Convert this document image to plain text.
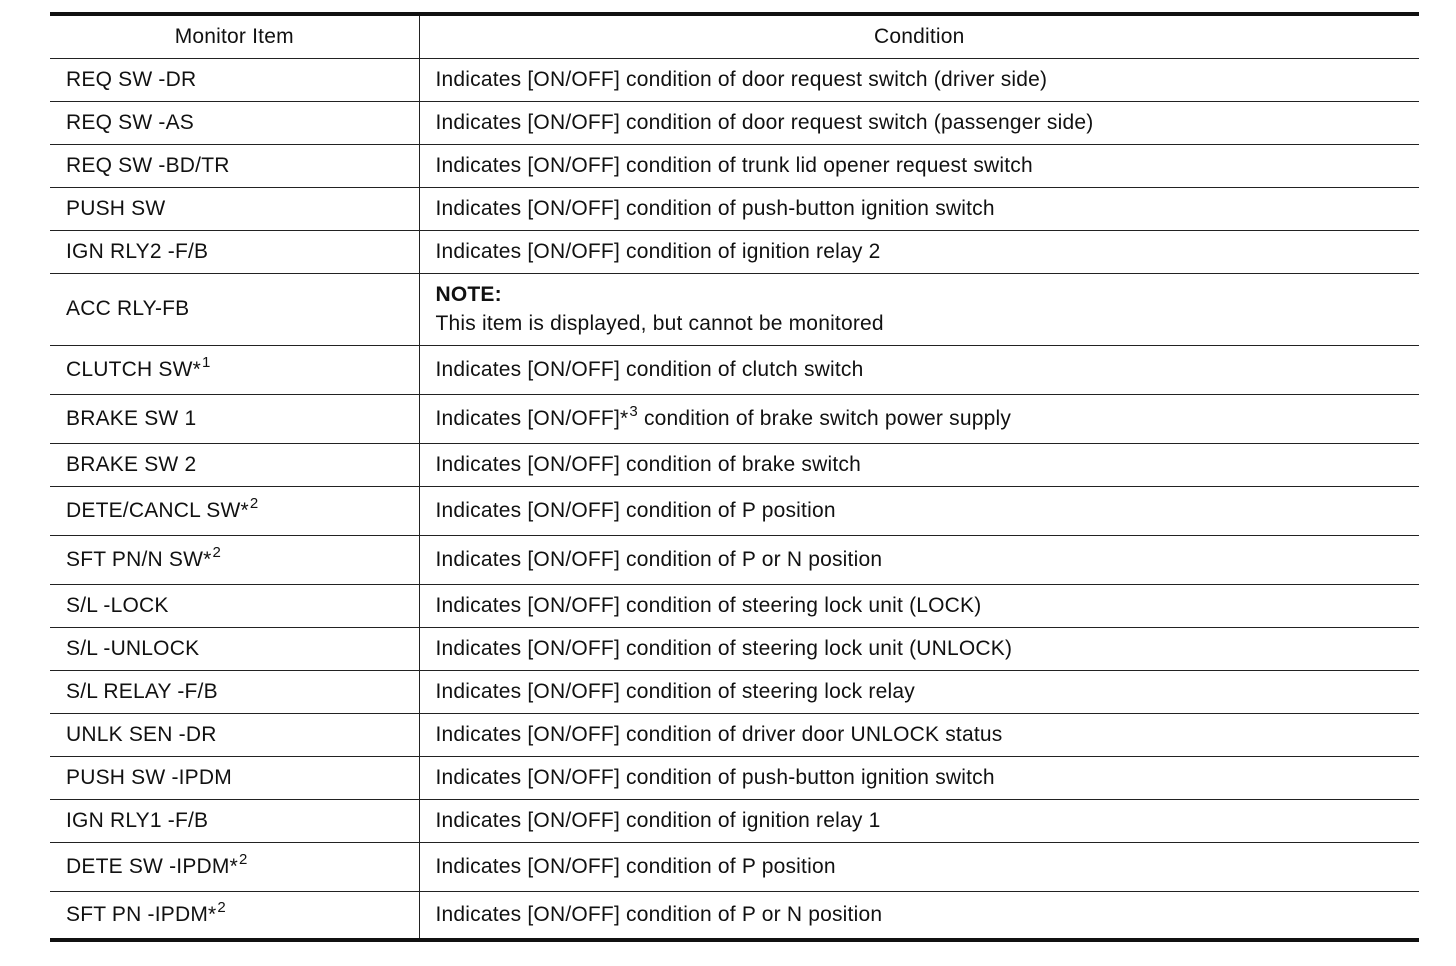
Monitor Item	Condition
REQ SW -DR	Indicates [ON/OFF] condition of door request switch (driver side)
REQ SW -AS	Indicates [ON/OFF] condition of door request switch (passenger side)
REQ SW -BD/TR	Indicates [ON/OFF] condition of trunk lid opener request switch
PUSH SW	Indicates [ON/OFF] condition of push-button ignition switch
IGN RLY2 -F/B	Indicates [ON/OFF] condition of ignition relay 2
ACC RLY-FB	NOTE:
This item is displayed, but cannot be monitored

CLUTCH SW*$^1$	Indicates [ON/OFF] condition of clutch switch
BRAKE SW 1	Indicates [ON/OFF]*$^3$ condition of brake switch power supply
BRAKE SW 2	Indicates [ON/OFF] condition of brake switch
DETE/CANCL SW*$^2$	Indicates [ON/OFF] condition of P position
SFT PN/N SW*$^2$	Indicates [ON/OFF] condition of P or N position
S/L -LOCK	Indicates [ON/OFF] condition of steering lock unit (LOCK)
S/L -UNLOCK	Indicates [ON/OFF] condition of steering lock unit (UNLOCK)
S/L RELAY -F/B	Indicates [ON/OFF] condition of steering lock relay
UNLK SEN -DR	Indicates [ON/OFF] condition of driver door UNLOCK status
PUSH SW -IPDM	Indicates [ON/OFF] condition of push-button ignition switch
IGN RLY1 -F/B	Indicates [ON/OFF] condition of ignition relay 1
DETE SW -IPDM*$^2$	Indicates [ON/OFF] condition of P position
SFT PN -IPDM*$^2$	Indicates [ON/OFF] condition of P or N position
